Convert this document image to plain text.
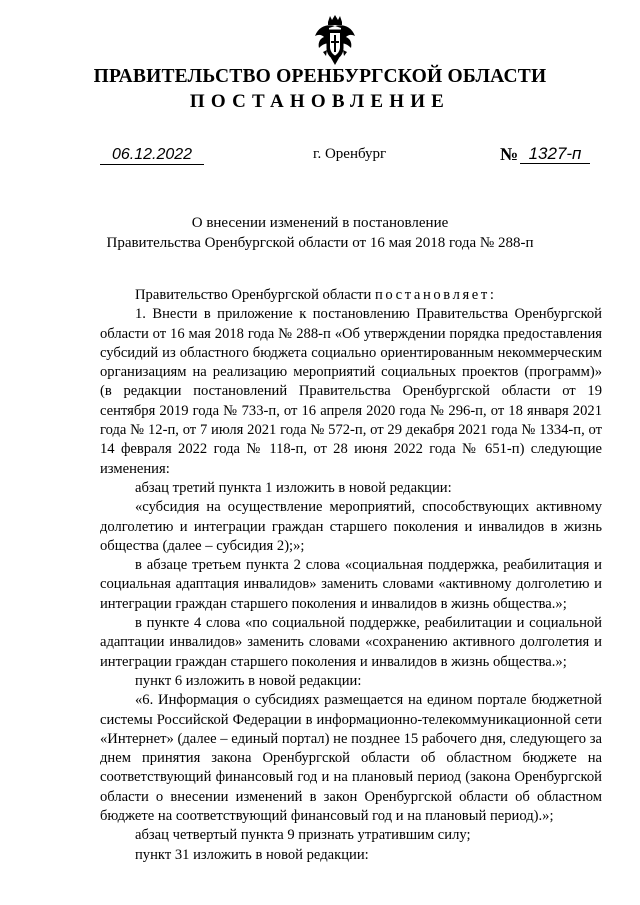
ПРАВИТЕЛЬСТВО ОРЕНБУРГСКОЙ ОБЛАСТИ
ПОСТАНОВЛЕНИЕ
06.12.2022	г. Оренбург	№ 1327-п
О внесении изменений в постановление
Правительства Оренбургской области от 16 мая 2018 года № 288-п

Правительство Оренбургской области постановляет:

1. Внести в приложение к постановлению Правительства Оренбургской области от 16 мая 2018 года № 288-п «Об утверждении порядка предоставления субсидий из областного бюджета социально ориентированным некоммерческим организациям на реализацию мероприятий социальных проектов (программ)» (в редакции постановлений Правительства Оренбургской области от 19 сентября 2019 года № 733-п, от 16 апреля 2020 года № 296-п, от 18 января 2021 года № 12-п, от 7 июля 2021 года № 572-п, от 29 декабря 2021 года № 1334-п, от 14 февраля 2022 года № 118-п, от 28 июня 2022 года № 651-п) следующие изменения:

абзац третий пункта 1 изложить в новой редакции:

«субсидия на осуществление мероприятий, способствующих активному долголетию и интеграции граждан старшего поколения и инвалидов в жизнь общества (далее – субсидия 2);»;

в абзаце третьем пункта 2 слова «социальная поддержка, реабилитация и социальная адаптация инвалидов» заменить словами «активному долголетию и интеграции граждан старшего поколения и инвалидов в жизнь общества.»;

в пункте 4 слова «по социальной поддержке, реабилитации и социальной адаптации инвалидов» заменить словами «сохранению активного долголетия и интеграции граждан старшего поколения и инвалидов в жизнь общества.»;

пункт 6 изложить в новой редакции:

«6. Информация о субсидиях размещается на едином портале бюджетной системы Российской Федерации в информационно-телекоммуникационной сети «Интернет» (далее – единый портал) не позднее 15 рабочего дня, следующего за днем принятия закона Оренбургской области об областном бюджете на соответствующий финансовый год и на плановый период (закона Оренбургской области о внесении изменений в закон Оренбургской области об областном бюджете на соответствующий финансовый год и на плановый период).»;

абзац четвертый пункта 9 признать утратившим силу;

пункт 31 изложить в новой редакции:
